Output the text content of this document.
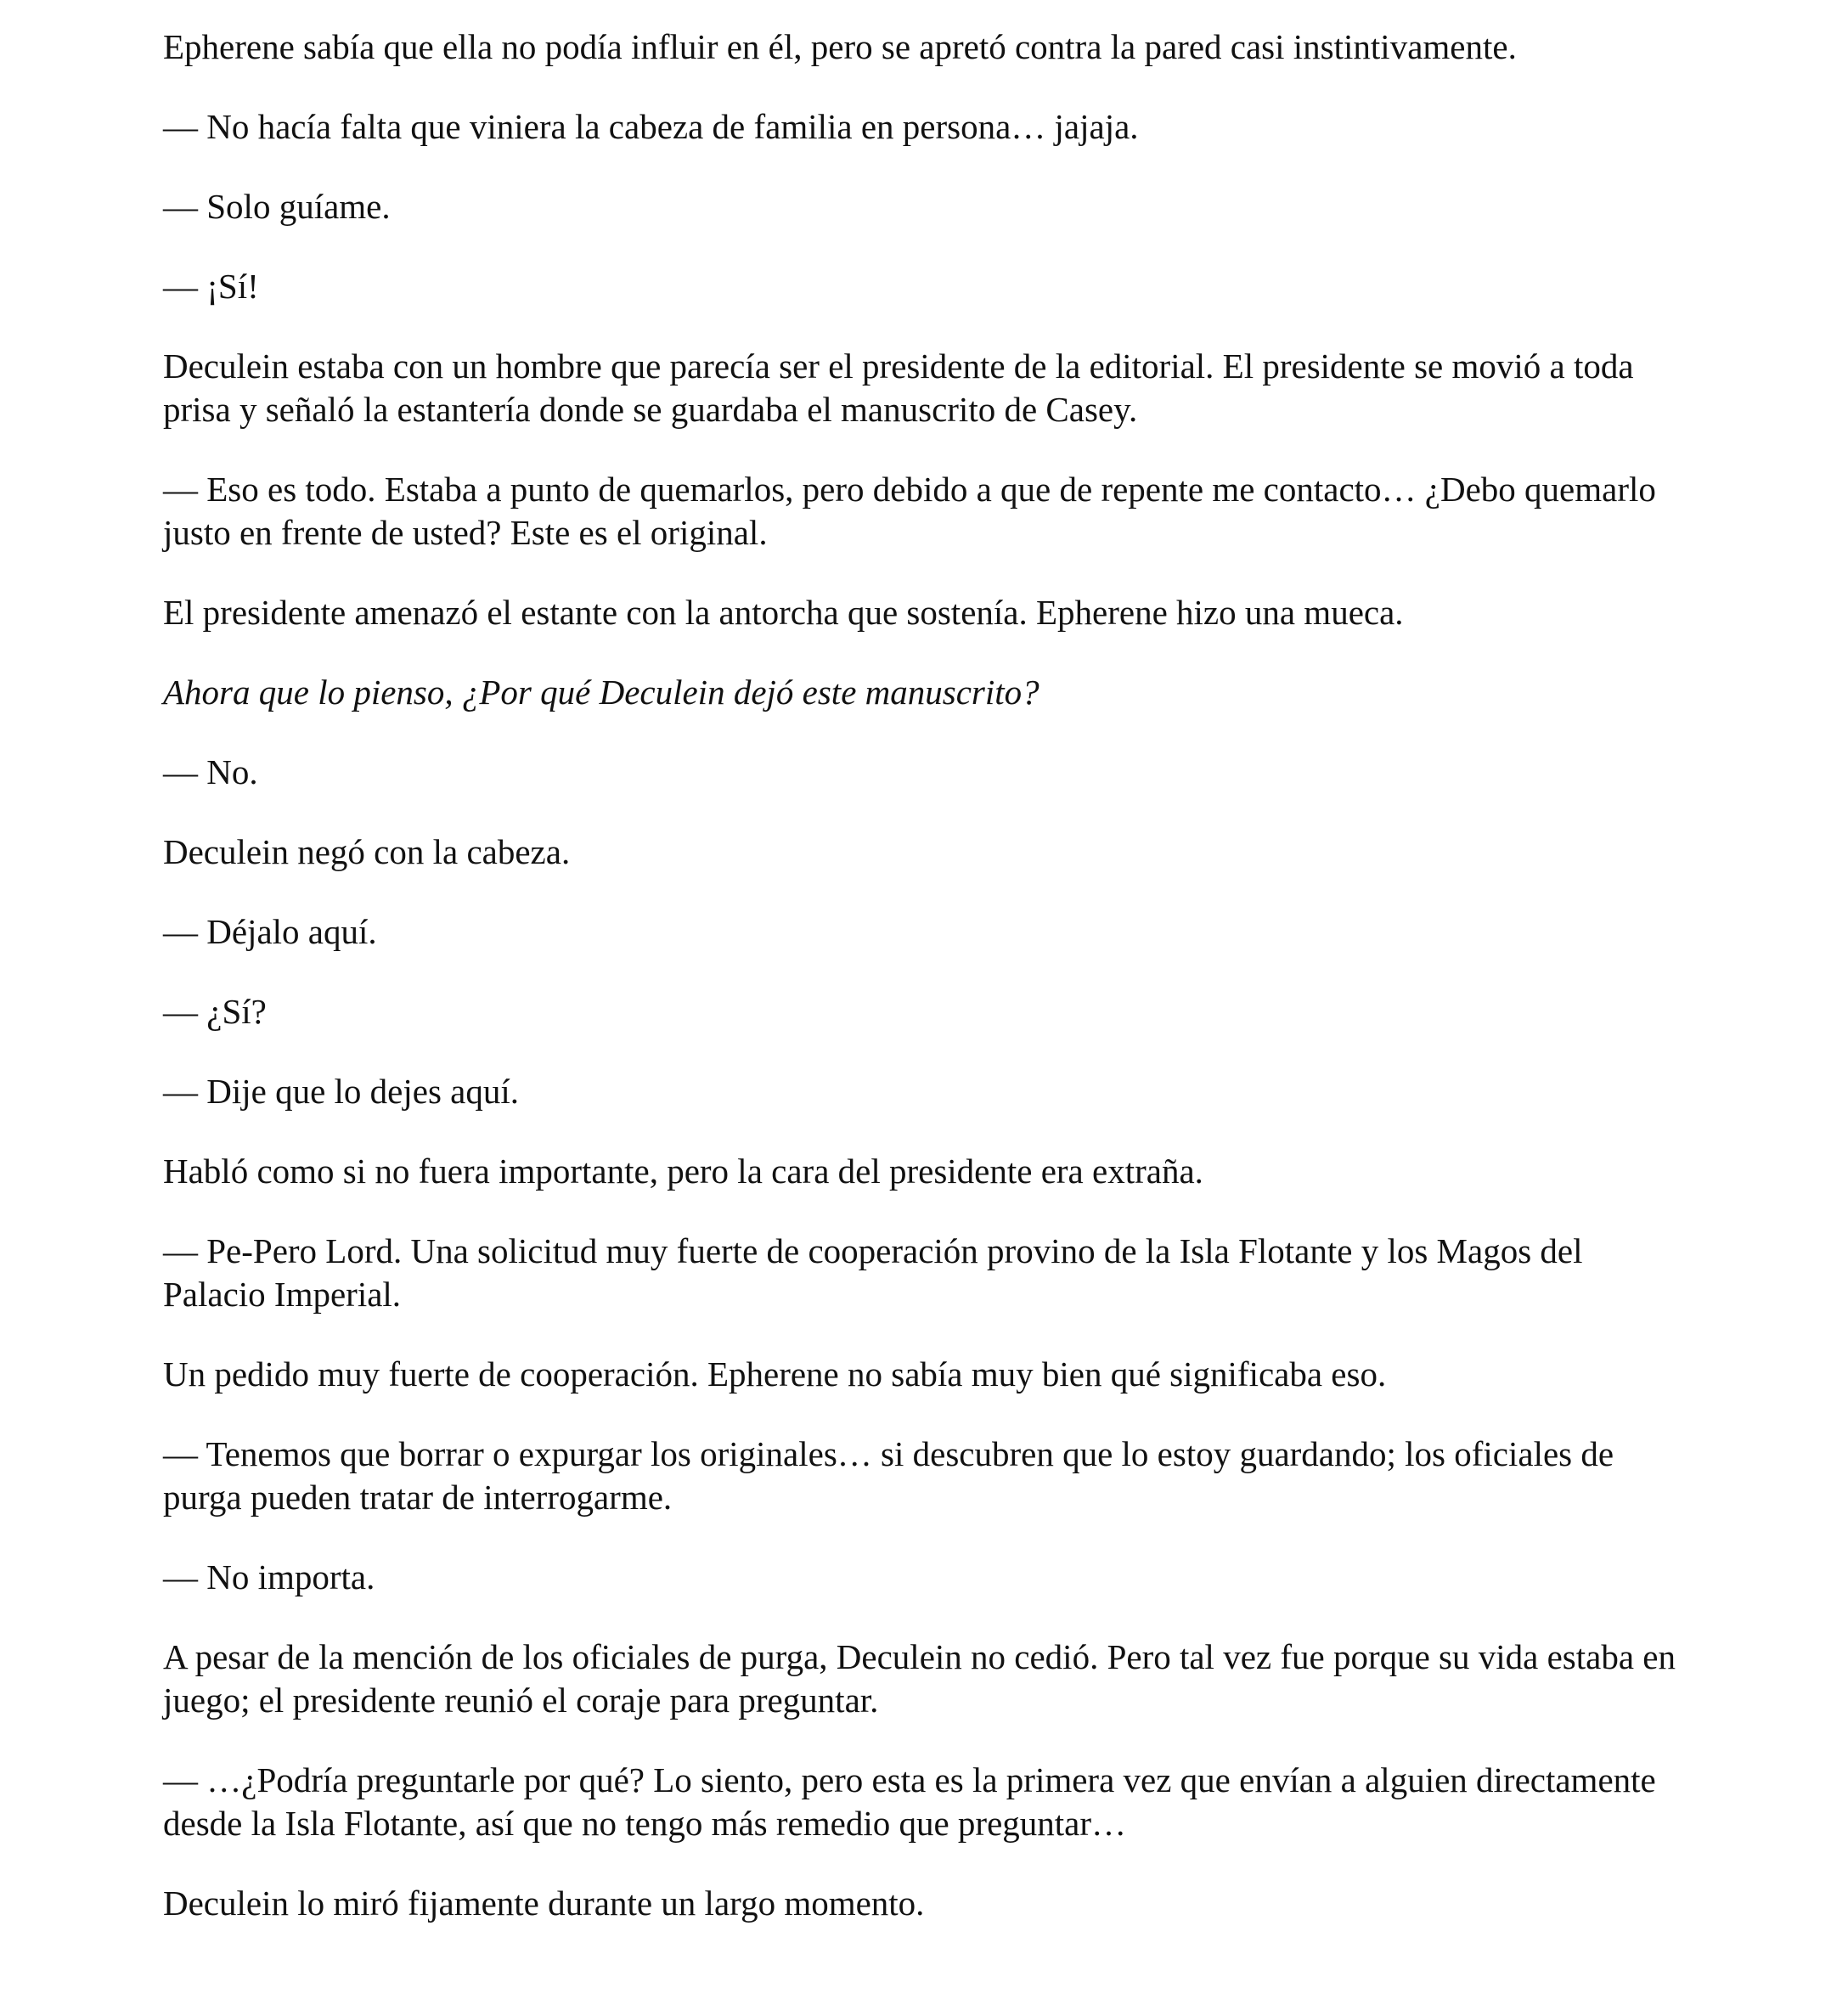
Epherene sabía que ella no podía influir en él, pero se apretó contra la pared casi instintivamente.

— No hacía falta que viniera la cabeza de familia en persona… jajaja.

— Solo guíame.

— ¡Sí!

Deculein estaba con un hombre que parecía ser el presidente de la editorial. El presidente se movió a toda prisa y señaló la estantería donde se guardaba el manuscrito de Casey.

— Eso es todo. Estaba a punto de quemarlos, pero debido a que de repente me contacto… ¿Debo quemarlo justo en frente de usted? Este es el original.

El presidente amenazó el estante con la antorcha que sostenía. Epherene hizo una mueca.

Ahora que lo pienso, ¿Por qué Deculein dejó este manuscrito?

— No.

Deculein negó con la cabeza.

— Déjalo aquí.

— ¿Sí?

— Dije que lo dejes aquí.

Habló como si no fuera importante, pero la cara del presidente era extraña.

— Pe-Pero Lord. Una solicitud muy fuerte de cooperación provino de la Isla Flotante y los Magos del Palacio Imperial.

Un pedido muy fuerte de cooperación. Epherene no sabía muy bien qué significaba eso.

— Tenemos que borrar o expurgar los originales… si descubren que lo estoy guardando; los oficiales de purga pueden tratar de interrogarme.

— No importa.

A pesar de la mención de los oficiales de purga, Deculein no cedió. Pero tal vez fue porque su vida estaba en juego; el presidente reunió el coraje para preguntar.

— …¿Podría preguntarle por qué? Lo siento, pero esta es la primera vez que envían a alguien directamente desde la Isla Flotante, así que no tengo más remedio que preguntar…

Deculein lo miró fijamente durante un largo momento.
